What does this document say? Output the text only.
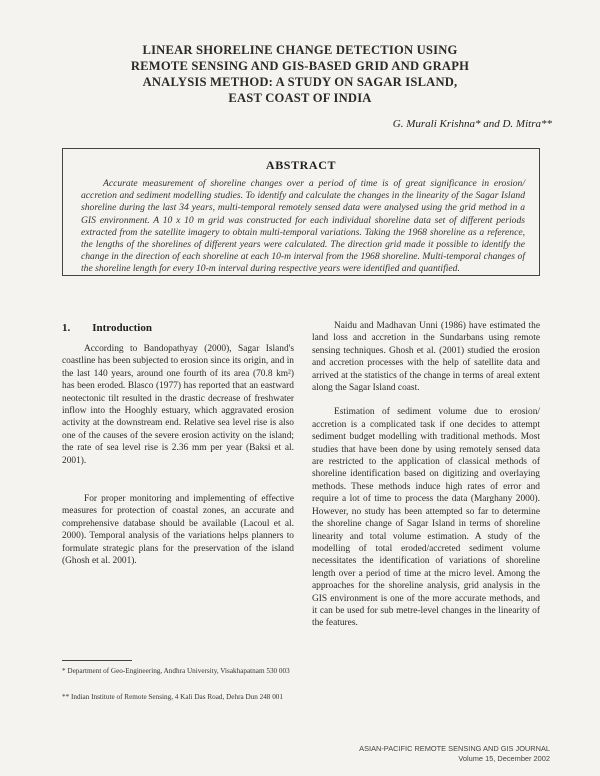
LINEAR SHORELINE CHANGE DETECTION USING
REMOTE SENSING AND GIS-BASED GRID AND GRAPH
ANALYSIS METHOD: A STUDY ON SAGAR ISLAND,
EAST COAST OF INDIA
G. Murali Krishna* and D. Mitra**
ABSTRACT
Accurate measurement of shoreline changes over a period of time is of great significance in erosion/ accretion and sediment modelling studies. To identify and calculate the changes in the linearity of the Sagar Island shoreline during the last 34 years, multi-temporal remotely sensed data were analysed using the grid method in a GIS environment. A 10 x 10 m grid was constructed for each individual shoreline data set of different periods extracted from the satellite imagery to obtain multi-temporal variations. Taking the 1968 shoreline as a reference, the lengths of the shorelines of different years were calculated. The direction grid made it possible to identify the change in the direction of each shoreline at each 10-m interval from the 1968 shoreline. Multi-temporal changes of the shoreline length for every 10-m interval during respective years were identified and quantified.
1. Introduction

According to Bandopathyay (2000), Sagar Island's coastline has been subjected to erosion since its origin, and in the last 140 years, around one fourth of its area (70.8 km²) has been eroded. Blasco (1977) has reported that an eastward neotectonic tilt resulted in the drastic decrease of freshwater inflow into the Hooghly estuary, which aggravated erosion activity at the downstream end. Relative sea level rise is also one of the causes of the severe erosion activity on the island; the rate of sea level rise is 2.36 mm per year (Baksi et al. 2001).

For proper monitoring and implementing of effective measures for protection of coastal zones, an accurate and comprehensive database should be available (Lacoul et al. 2000). Temporal analysis of the variations helps planners to formulate strategic plans for the preservation of the island (Ghosh et al. 2001).

Naidu and Madhavan Unni (1986) have estimated the land loss and accretion in the Sundarbans using remote sensing techniques. Ghosh et al. (2001) studied the erosion and accretion processes with the help of satellite data and arrived at the statistics of the change in terms of areal extent along the Sagar Island coast.

Estimation of sediment volume due to erosion/ accretion is a complicated task if one decides to attempt sediment budget modelling with traditional methods. Most studies that have been done by using remotely sensed data are restricted to the application of classical methods of shoreline identification based on digitizing and overlaying methods. These methods induce high rates of error and require a lot of time to process the data (Marghany 2000). However, no study has been attempted so far to determine the shoreline change of Sagar Island in terms of shoreline linearity and total volume estimation. A study of the modelling of total eroded/accreted sediment volume necessitates the identification of variations of shoreline length over a period of time at the micro level. Among the approaches for the shoreline analysis, grid analysis in the GIS environment is one of the more accurate methods, and it can be used for sub metre-level changes in the linearity of the features.

* Department of Geo-Engineering, Andhra University, Visakhapatnam 530 003
** Indian Institute of Remote Sensing, 4 Kali Das Road, Dehra Dun 248 001
ASIAN-PACIFIC REMOTE SENSING AND GIS JOURNAL
Volume 15, December 2002
